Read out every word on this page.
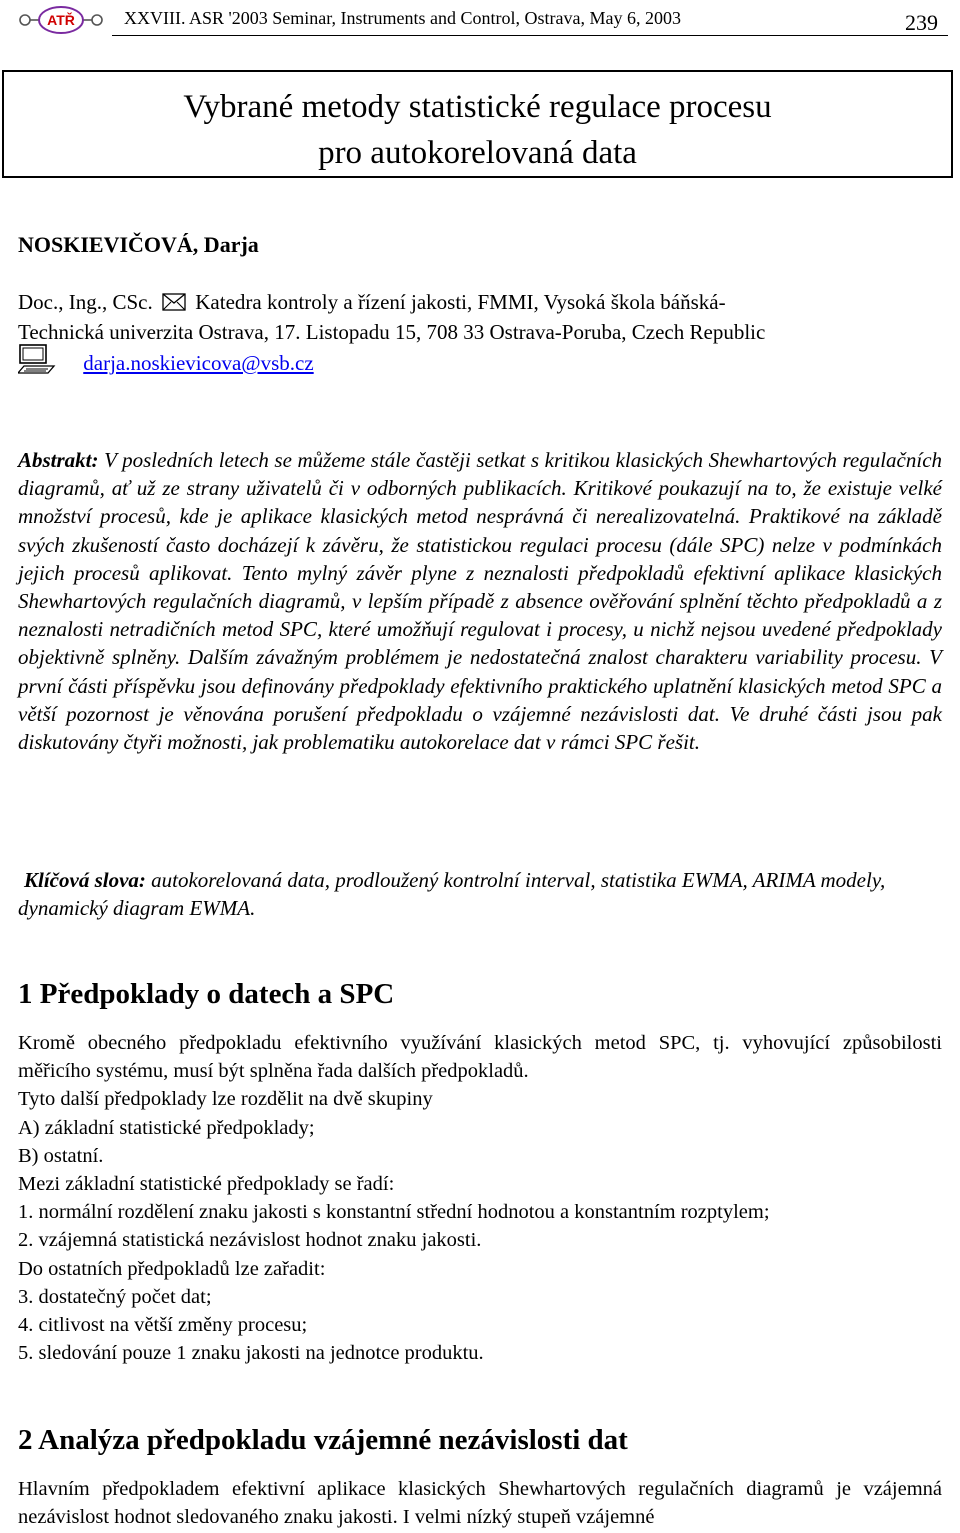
ATŘ	XXVIII. ASR '2003 Seminar, Instruments and Control, Ostrava, May 6, 2003	239
Vybrané metody statistické regulace procesu
pro autokorelovaná data
NOSKIEVIČOVÁ, Darja
Doc., Ing., CSc. Katedra kontroly a řízení jakosti, FMMI, Vysoká škola báňská-
Technická univerzita Ostrava, 17. Listopadu 15, 708 33 Ostrava-Poruba, Czech Republic
darja.noskievicova@vsb.cz

Abstrakt: V posledních letech se můžeme stále častěji setkat s kritikou klasických Shewhartových regulačních diagramů, ať už ze strany uživatelů či v odborných publikacích. Kritikové poukazují na to, že existuje velké množství procesů, kde je aplikace klasických metod nesprávná či nerealizovatelná. Praktikové na základě svých zkušeností často docházejí k závěru, že statistickou regulaci procesu (dále SPC) nelze v podmínkách jejich procesů aplikovat. Tento mylný závěr plyne z neznalosti předpokladů efektivní aplikace klasických Shewhartových regulačních diagramů, v lepším případě z absence ověřování splnění těchto předpokladů a z neznalosti netradičních metod SPC, které umožňují regulovat i procesy, u nichž nejsou uvedené předpoklady objektivně splněny. Dalším závažným problémem je nedostatečná znalost charakteru variability procesu. V první části příspěvku jsou definovány předpoklady efektivního praktického uplatnění klasických metod SPC a větší pozornost je věnována porušení předpokladu o vzájemné nezávislosti dat. Ve druhé části jsou pak diskutovány čtyři možnosti, jak problematiku autokorelace dat v rámci SPC řešit.

Klíčová slova: autokorelovaná data, prodloužený kontrolní interval, statistika EWMA, ARIMA modely, dynamický diagram EWMA.

1 Předpoklady o datech a SPC

Kromě obecného předpokladu efektivního využívání klasických metod SPC, tj. vyhovující způsobilosti měřicího systému, musí být splněna řada dalších předpokladů.

Tyto další předpoklady lze rozdělit na dvě skupiny
A) základní statistické předpoklady;
B) ostatní.
Mezi základní statistické předpoklady se řadí:
1. normální rozdělení znaku jakosti s konstantní střední hodnotou a konstantním rozptylem;
2. vzájemná statistická nezávislost hodnot znaku jakosti.
Do ostatních předpokladů lze zařadit:
3. dostatečný počet dat;
4. citlivost na větší změny procesu;
5. sledování pouze 1 znaku jakosti na jednotce produktu.
2 Analýza předpokladu vzájemné nezávislosti dat

Hlavním předpokladem efektivní aplikace klasických Shewhartových regulačních diagramů je vzájemná nezávislost hodnot sledovaného znaku jakosti. I velmi nízký stupeň vzájemné
